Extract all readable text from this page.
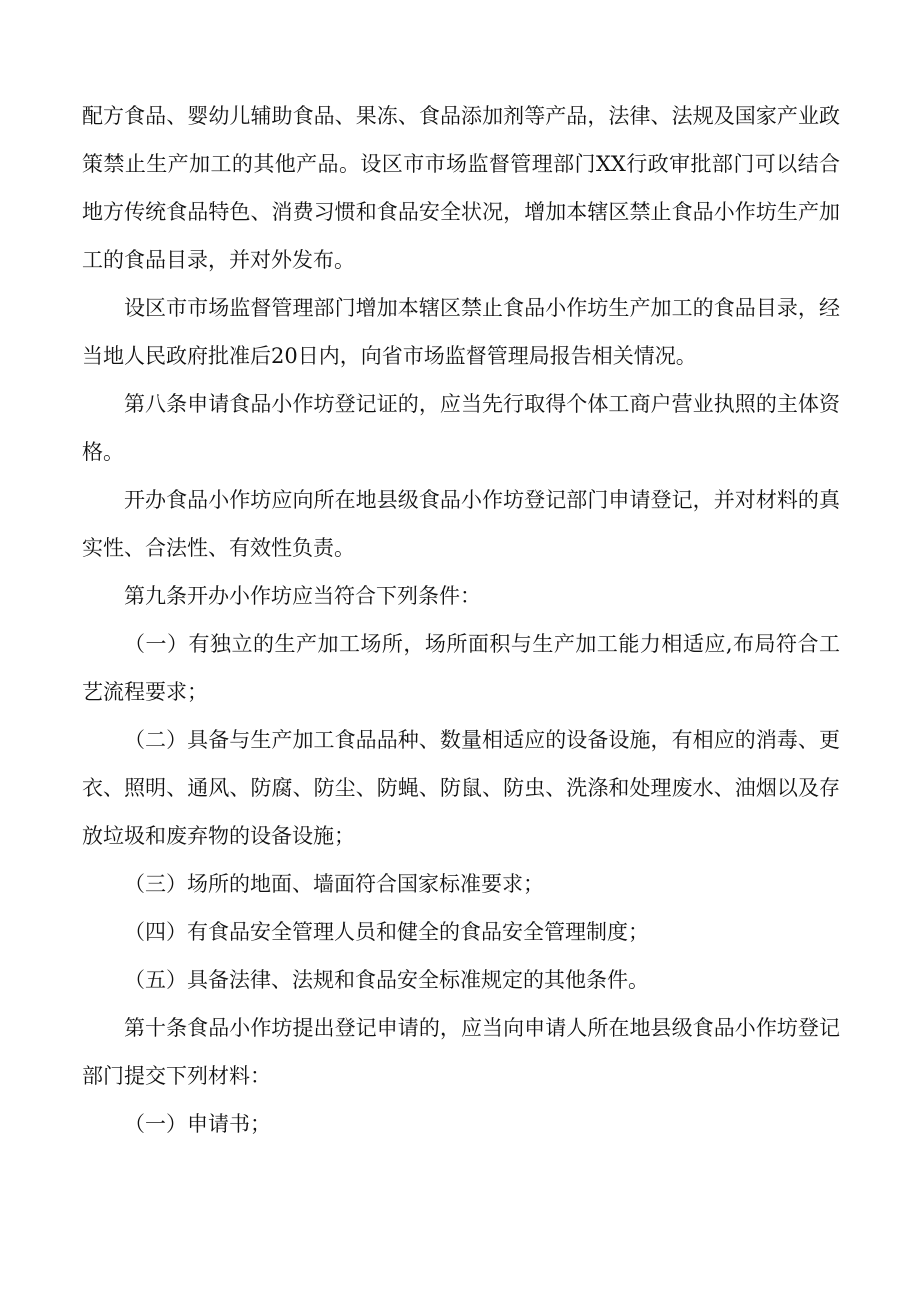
配方食品、婴幼儿辅助食品、果冻、食品添加剂等产品，法律、法规及国家产业政策禁止生产加工的其他产品。设区市市场监督管理部门XX行政审批部门可以结合地方传统食品特色、消费习惯和食品安全状况，增加本辖区禁止食品小作坊生产加工的食品目录，并对外发布。

设区市市场监督管理部门增加本辖区禁止食品小作坊生产加工的食品目录，经当地人民政府批准后20日内，向省市场监督管理局报告相关情况。

第八条申请食品小作坊登记证的，应当先行取得个体工商户营业执照的主体资格。

开办食品小作坊应向所在地县级食品小作坊登记部门申请登记，并对材料的真实性、合法性、有效性负责。

第九条开办小作坊应当符合下列条件：

（一）有独立的生产加工场所，场所面积与生产加工能力相适应,布局符合工艺流程要求；

（二）具备与生产加工食品品种、数量相适应的设备设施，有相应的消毒、更衣、照明、通风、防腐、防尘、防蝇、防鼠、防虫、洗涤和处理废水、油烟以及存放垃圾和废弃物的设备设施；

（三）场所的地面、墙面符合国家标准要求；

（四）有食品安全管理人员和健全的食品安全管理制度；

（五）具备法律、法规和食品安全标准规定的其他条件。

第十条食品小作坊提出登记申请的，应当向申请人所在地县级食品小作坊登记部门提交下列材料：

（一）申请书；
